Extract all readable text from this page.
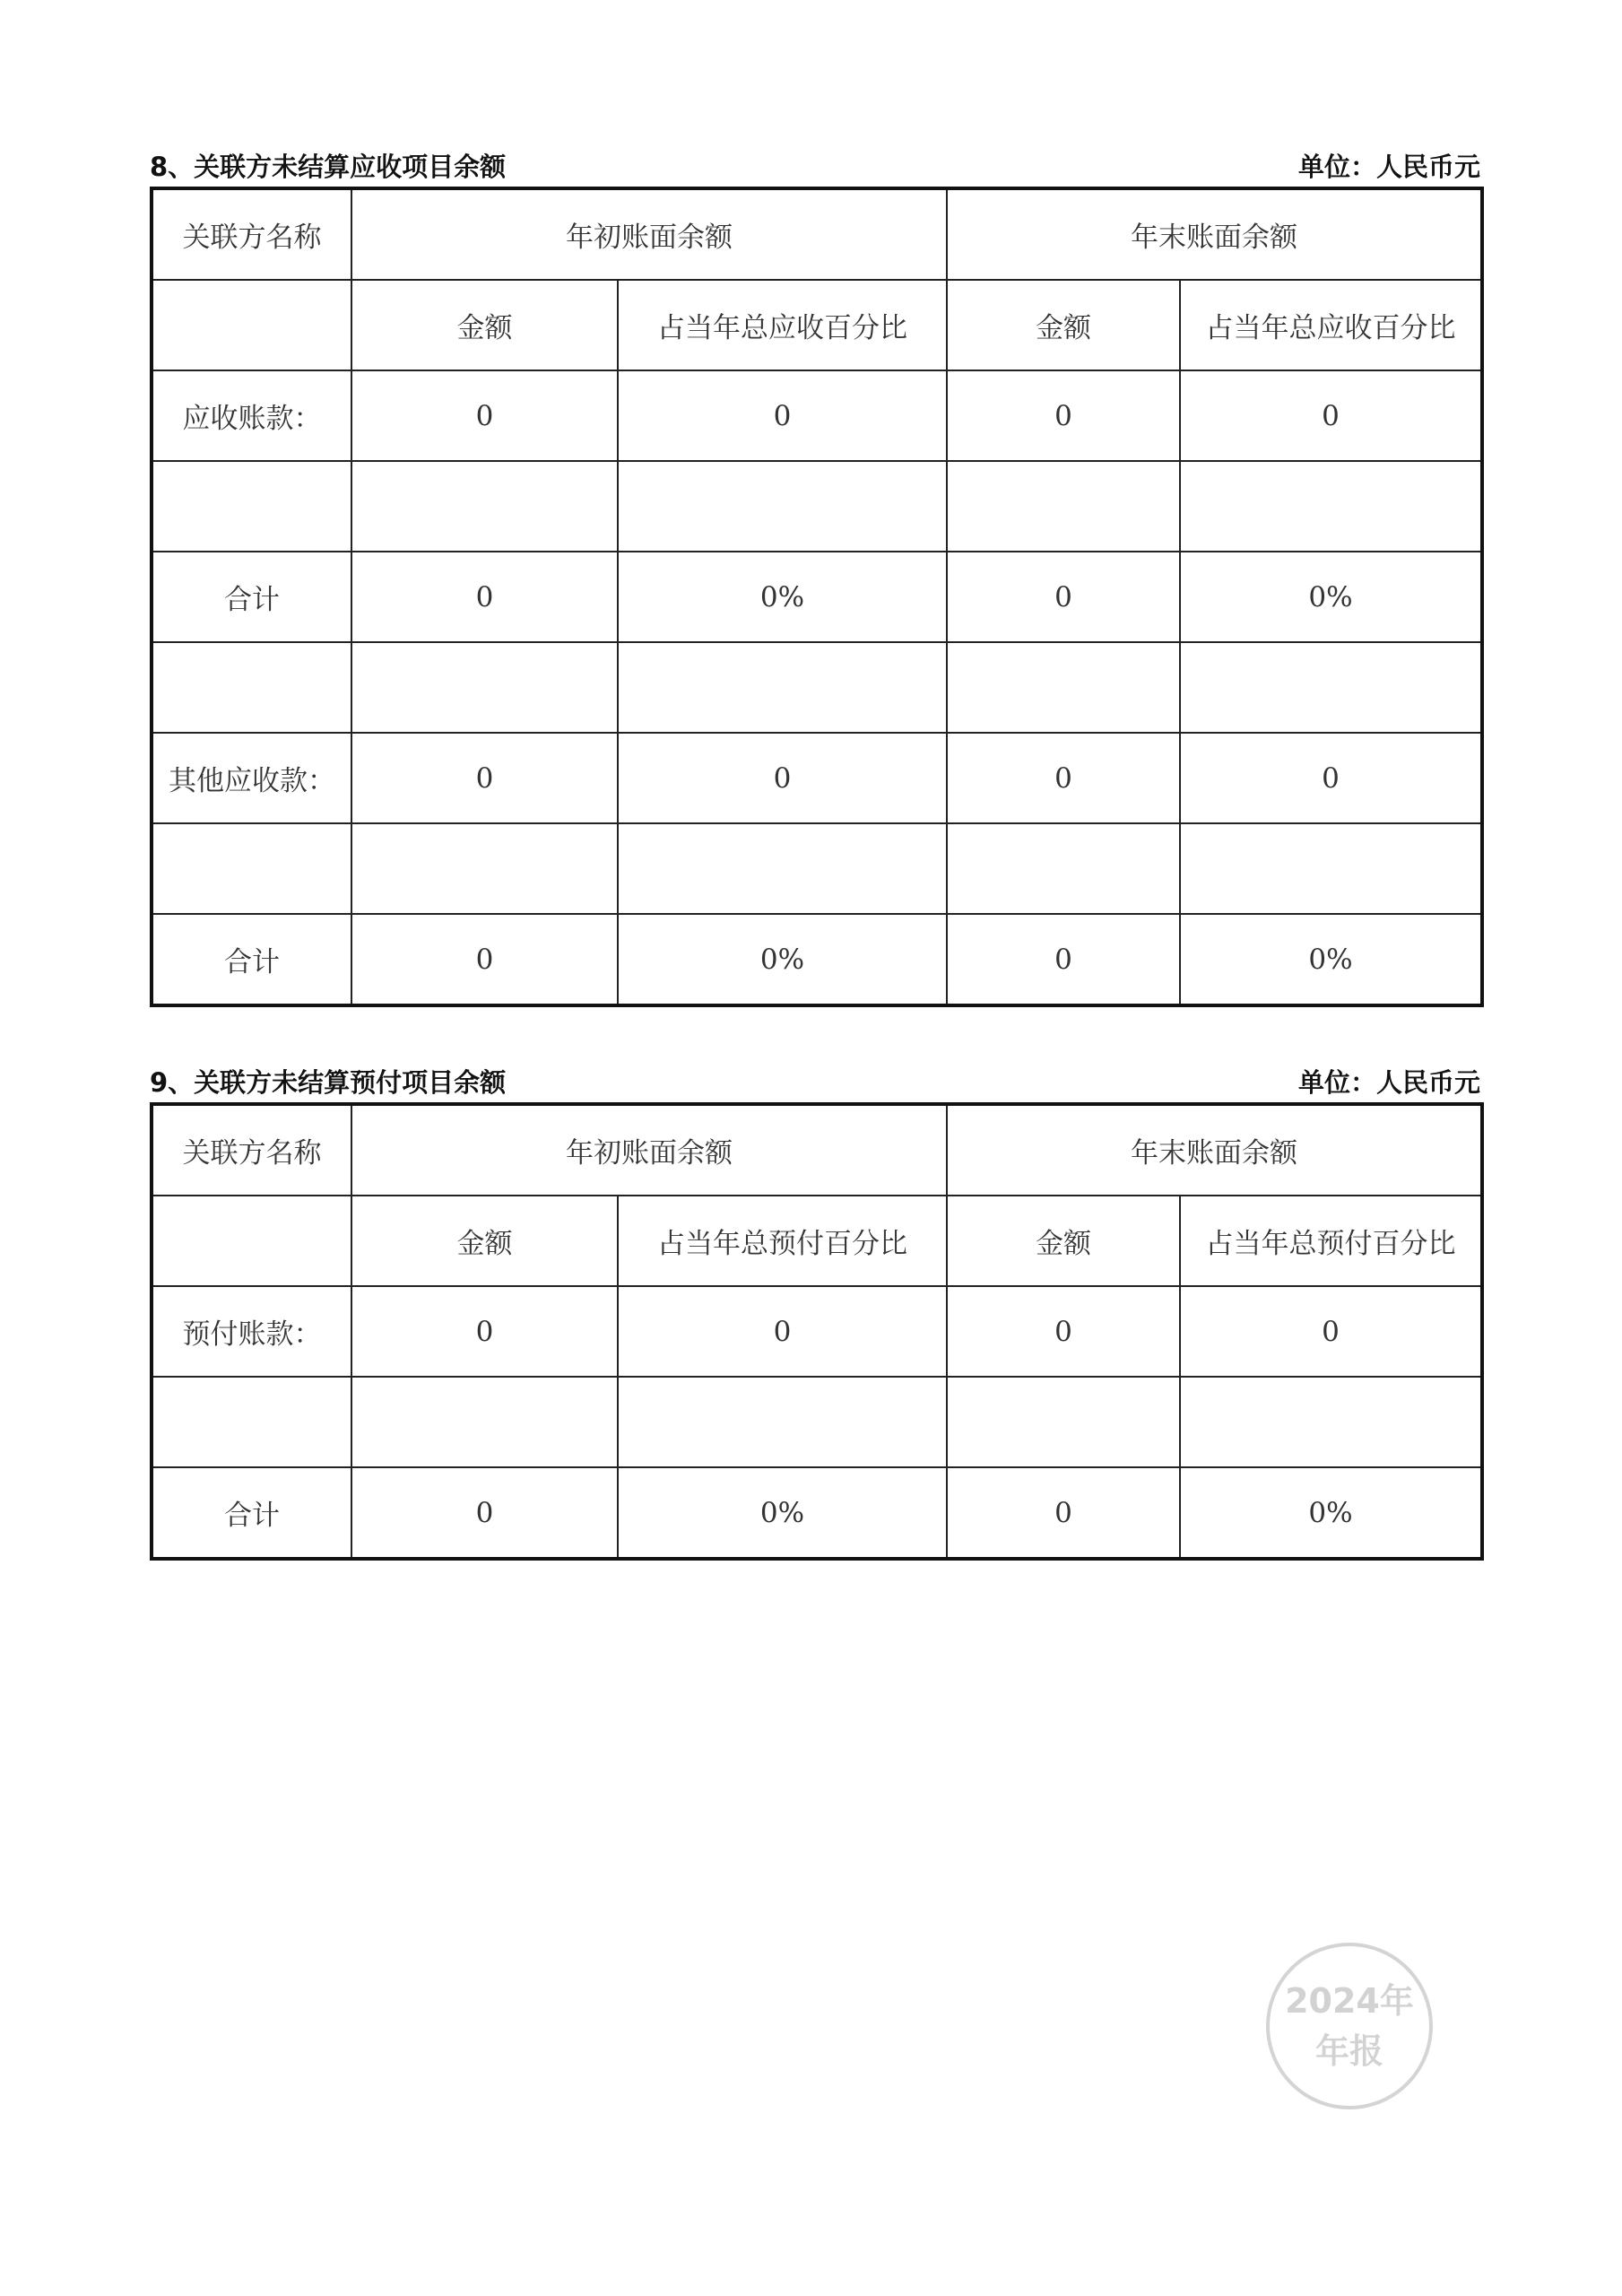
8、关联方未结算应收项目余额	单位：人民币元
关联方名称	年初账面余额		年末账面余额	
	金额	占当年总应收百分比	金额	占当年总应收百分比
应收账款：	0	0	0	0

合计	0	0%	0	0%

其他应收款：	0	0	0	0

合计	0	0%	0	0%
9、关联方未结算预付项目余额	单位：人民币元
关联方名称	年初账面余额		年末账面余额	
	金额	占当年总预付百分比	金额	占当年总预付百分比
预付账款：	0	0	0	0

合计	0	0%	0	0%
2024年
年报
